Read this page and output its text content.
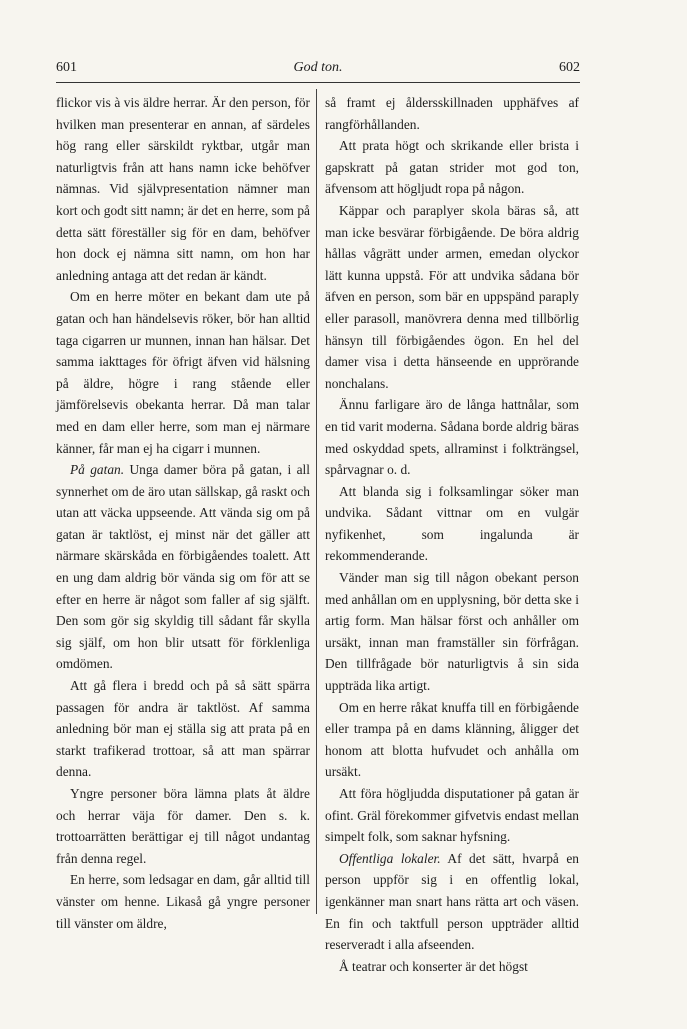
601	God ton.	602

flickor vis à vis äldre herrar. Är den person, för hvilken man presenterar en annan, af särdeles hög rang eller särskildt ryktbar, utgår man naturligtvis från att hans namn icke behöfver nämnas. Vid självpresentation nämner man kort och godt sitt namn; är det en herre, som på detta sätt föreställer sig för en dam, behöfver hon dock ej nämna sitt namn, om hon har anledning antaga att det redan är kändt.

Om en herre möter en bekant dam ute på gatan och han händelsevis röker, bör han alltid taga cigarren ur munnen, innan han hälsar. Det samma iakttages för öfrigt äfven vid hälsning på äldre, högre i rang stående eller jämförelsevis obekanta herrar. Då man talar med en dam eller herre, som man ej närmare känner, får man ej ha cigarr i munnen.

På gatan. Unga damer böra på gatan, i all synnerhet om de äro utan sällskap, gå raskt och utan att väcka uppseende. Att vända sig om på gatan är taktlöst, ej minst när det gäller att närmare skärskåda en förbigåendes toalett. Att en ung dam aldrig bör vända sig om för att se efter en herre är något som faller af sig själft. Den som gör sig skyldig till sådant får skylla sig själf, om hon blir utsatt för förklenliga omdömen.

Att gå flera i bredd och på så sätt spärra passagen för andra är taktlöst. Af samma anledning bör man ej ställa sig att prata på en starkt trafikerad trottoar, så att man spärrar denna.

Yngre personer böra lämna plats åt äldre och herrar väja för damer. Den s. k. trottoarrätten berättigar ej till något undantag från denna regel.

En herre, som ledsagar en dam, går alltid till vänster om henne. Likaså gå yngre personer till vänster om äldre,

så framt ej åldersskillnaden upphäfves af rangförhållanden.

Att prata högt och skrikande eller brista i gapskratt på gatan strider mot god ton, äfvensom att högljudt ropa på någon.

Käppar och paraplyer skola bäras så, att man icke besvärar förbigående. De böra aldrig hållas vågrätt under armen, emedan olyckor lätt kunna uppstå. För att undvika sådana bör äfven en person, som bär en uppspänd paraply eller parasoll, manövrera denna med tillbörlig hänsyn till förbigåendes ögon. En hel del damer visa i detta hänseende en upprörande nonchalans.

Ännu farligare äro de långa hattnålar, som en tid varit moderna. Sådana borde aldrig bäras med oskyddad spets, allraminst i folkträngsel, spårvagnar o. d.

Att blanda sig i folksamlingar söker man undvika. Sådant vittnar om en vulgär nyfikenhet, som ingalunda är rekommenderande.

Vänder man sig till någon obekant person med anhållan om en upplysning, bör detta ske i artig form. Man hälsar först och anhåller om ursäkt, innan man framställer sin förfrågan. Den tillfrågade bör naturligtvis å sin sida uppträda lika artigt.

Om en herre råkat knuffa till en förbigående eller trampa på en dams klänning, åligger det honom att blotta hufvudet och anhålla om ursäkt.

Att föra högljudda disputationer på gatan är ofint. Gräl förekommer gifvetvis endast mellan simpelt folk, som saknar hyfsning.

Offentliga lokaler. Af det sätt, hvarpå en person uppför sig i en offentlig lokal, igenkänner man snart hans rätta art och väsen. En fin och taktfull person uppträder alltid reserveradt i alla afseenden.

Å teatrar och konserter är det högst
